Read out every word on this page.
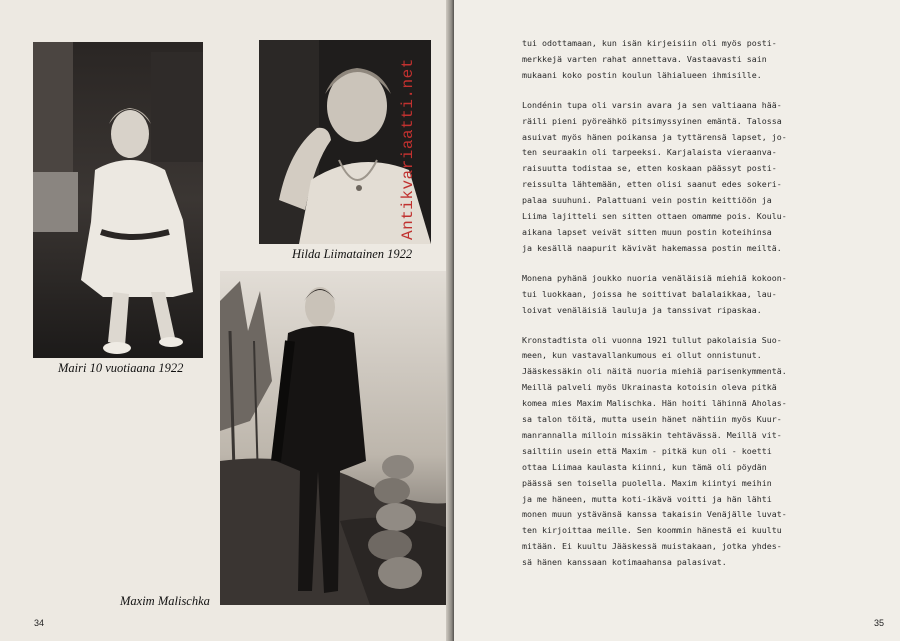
Hilda Liimatainen 1922
Mairi 10 vuotiaana 1922
Maxim Malischka
34	35
tui odottamaan, kun isän kirjeisiin oli myös posti-
merkkejä varten rahat annettava. Vastaavasti sain
mukaani koko postin koulun lähialueen ihmisille.
Londénin tupa oli varsin avara ja sen valtiaana hää-
räili pieni pyöreähkö pitsimyssyinen emäntä. Talossa
asuivat myös hänen poikansa ja tyttärensä lapset, jo-
ten seuraakin oli tarpeeksi. Karjalaista vieraanva-
raisuutta todistaa se, etten koskaan päässyt posti-
reissulta lähtemään, etten olisi saanut edes sokeri-
palaa suuhuni. Palattuani vein postin keittiöön ja
Liima lajitteli sen sitten ottaen omamme pois. Koulu-
aikana lapset veivät sitten muun postin koteihinsa
ja kesällä naapurit kävivät hakemassa postin meiltä.
Monena pyhänä joukko nuoria venäläisiä miehiä kokoon-
tui luokkaan, joissa he soittivat balalaikkaa, lau-
loivat venäläisiä lauluja ja tanssivat ripaskaa.
Kronstadtista oli vuonna 1921 tullut pakolaisia Suo-
meen, kun vastavallankumous ei ollut onnistunut.
Jääskessäkin oli näitä nuoria miehiä parisenkymmentä.
Meillä palveli myös Ukrainasta kotoisin oleva pitkä
komea mies Maxim Malischka. Hän hoiti lähinnä Aholas-
sa talon töitä, mutta usein hänet nähtiin myös Kuur-
manrannalla milloin missäkin tehtävässä. Meillä vit-
sailtiin usein että Maxim - pitkä kun oli - koetti
ottaa Liimaa kaulasta kiinni, kun tämä oli pöydän
päässä sen toisella puolella. Maxim kiintyi meihin
ja me häneen, mutta koti-ikävä voitti ja hän lähti
monen muun ystävänsä kanssa takaisin Venäjälle luvat-
ten kirjoittaa meille. Sen koommin hänestä ei kuultu
mitään. Ei kuultu Jääskessä muistakaan, jotka yhdes-
sä hänen kanssaan kotimaahansa palasivat.
Antikvariaatti.net
